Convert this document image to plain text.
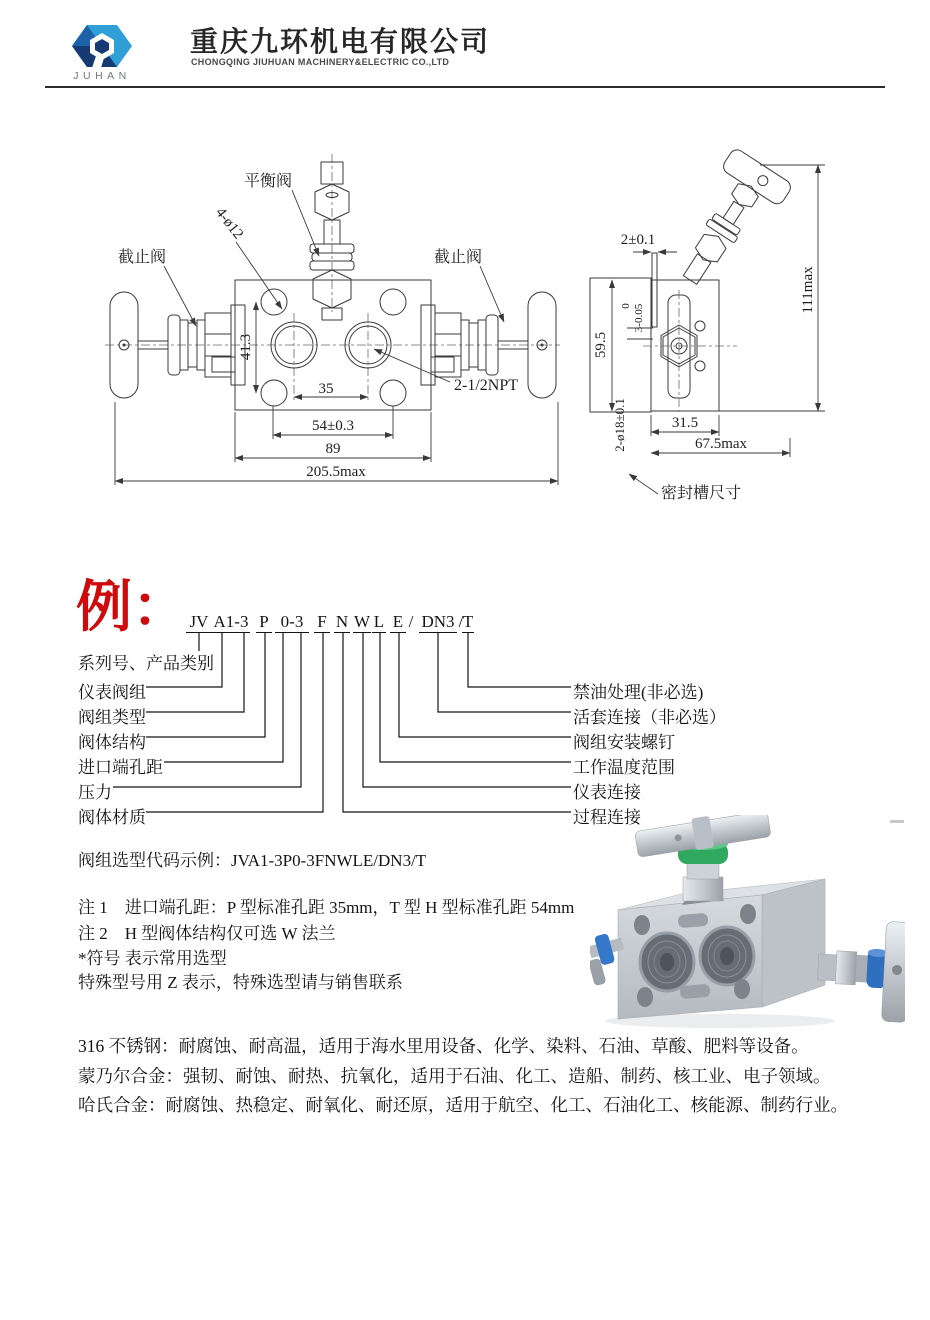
JUHAN
重庆九环机电有限公司
CHONGQING JIUHUAN MACHINERY&ELECTRIC CO.,LTD
平衡阀
4-ø12
截止阀	截止阀
2-1/2NPT
41.3
35
54±0.3
89
205.5max
2±0.1
0 3-0.05
59.5
111max
31.5
67.5max
2-ø18±0.1
密封槽尺寸
例： JV A1-3 P 0-3 F N W L E / DN3 / T
系列号、产品类别
仪表阀组
阀组类型
阀体结构
进口端孔距
压力
阀体材质
禁油处理(非必选)
活套连接（非必选）
阀组安装螺钉
工作温度范围
仪表连接
过程连接
阀组选型代码示例：JVA1-3P0-3FNWLE/DN3/T
注 1　进口端孔距：P 型标准孔距 35mm，T 型 H 型标准孔距 54mm
注 2　H 型阀体结构仅可选 W 法兰
*符号 表示常用选型
特殊型号用 Z 表示，特殊选型请与销售联系

316 不锈钢：耐腐蚀、耐高温，适用于海水里用设备、化学、染料、石油、草酸、肥料等设备。

蒙乃尔合金：强韧、耐蚀、耐热、抗氧化，适用于石油、化工、造船、制药、核工业、电子领域。

哈氏合金：耐腐蚀、热稳定、耐氧化、耐还原，适用于航空、化工、石油化工、核能源、制药行业。
